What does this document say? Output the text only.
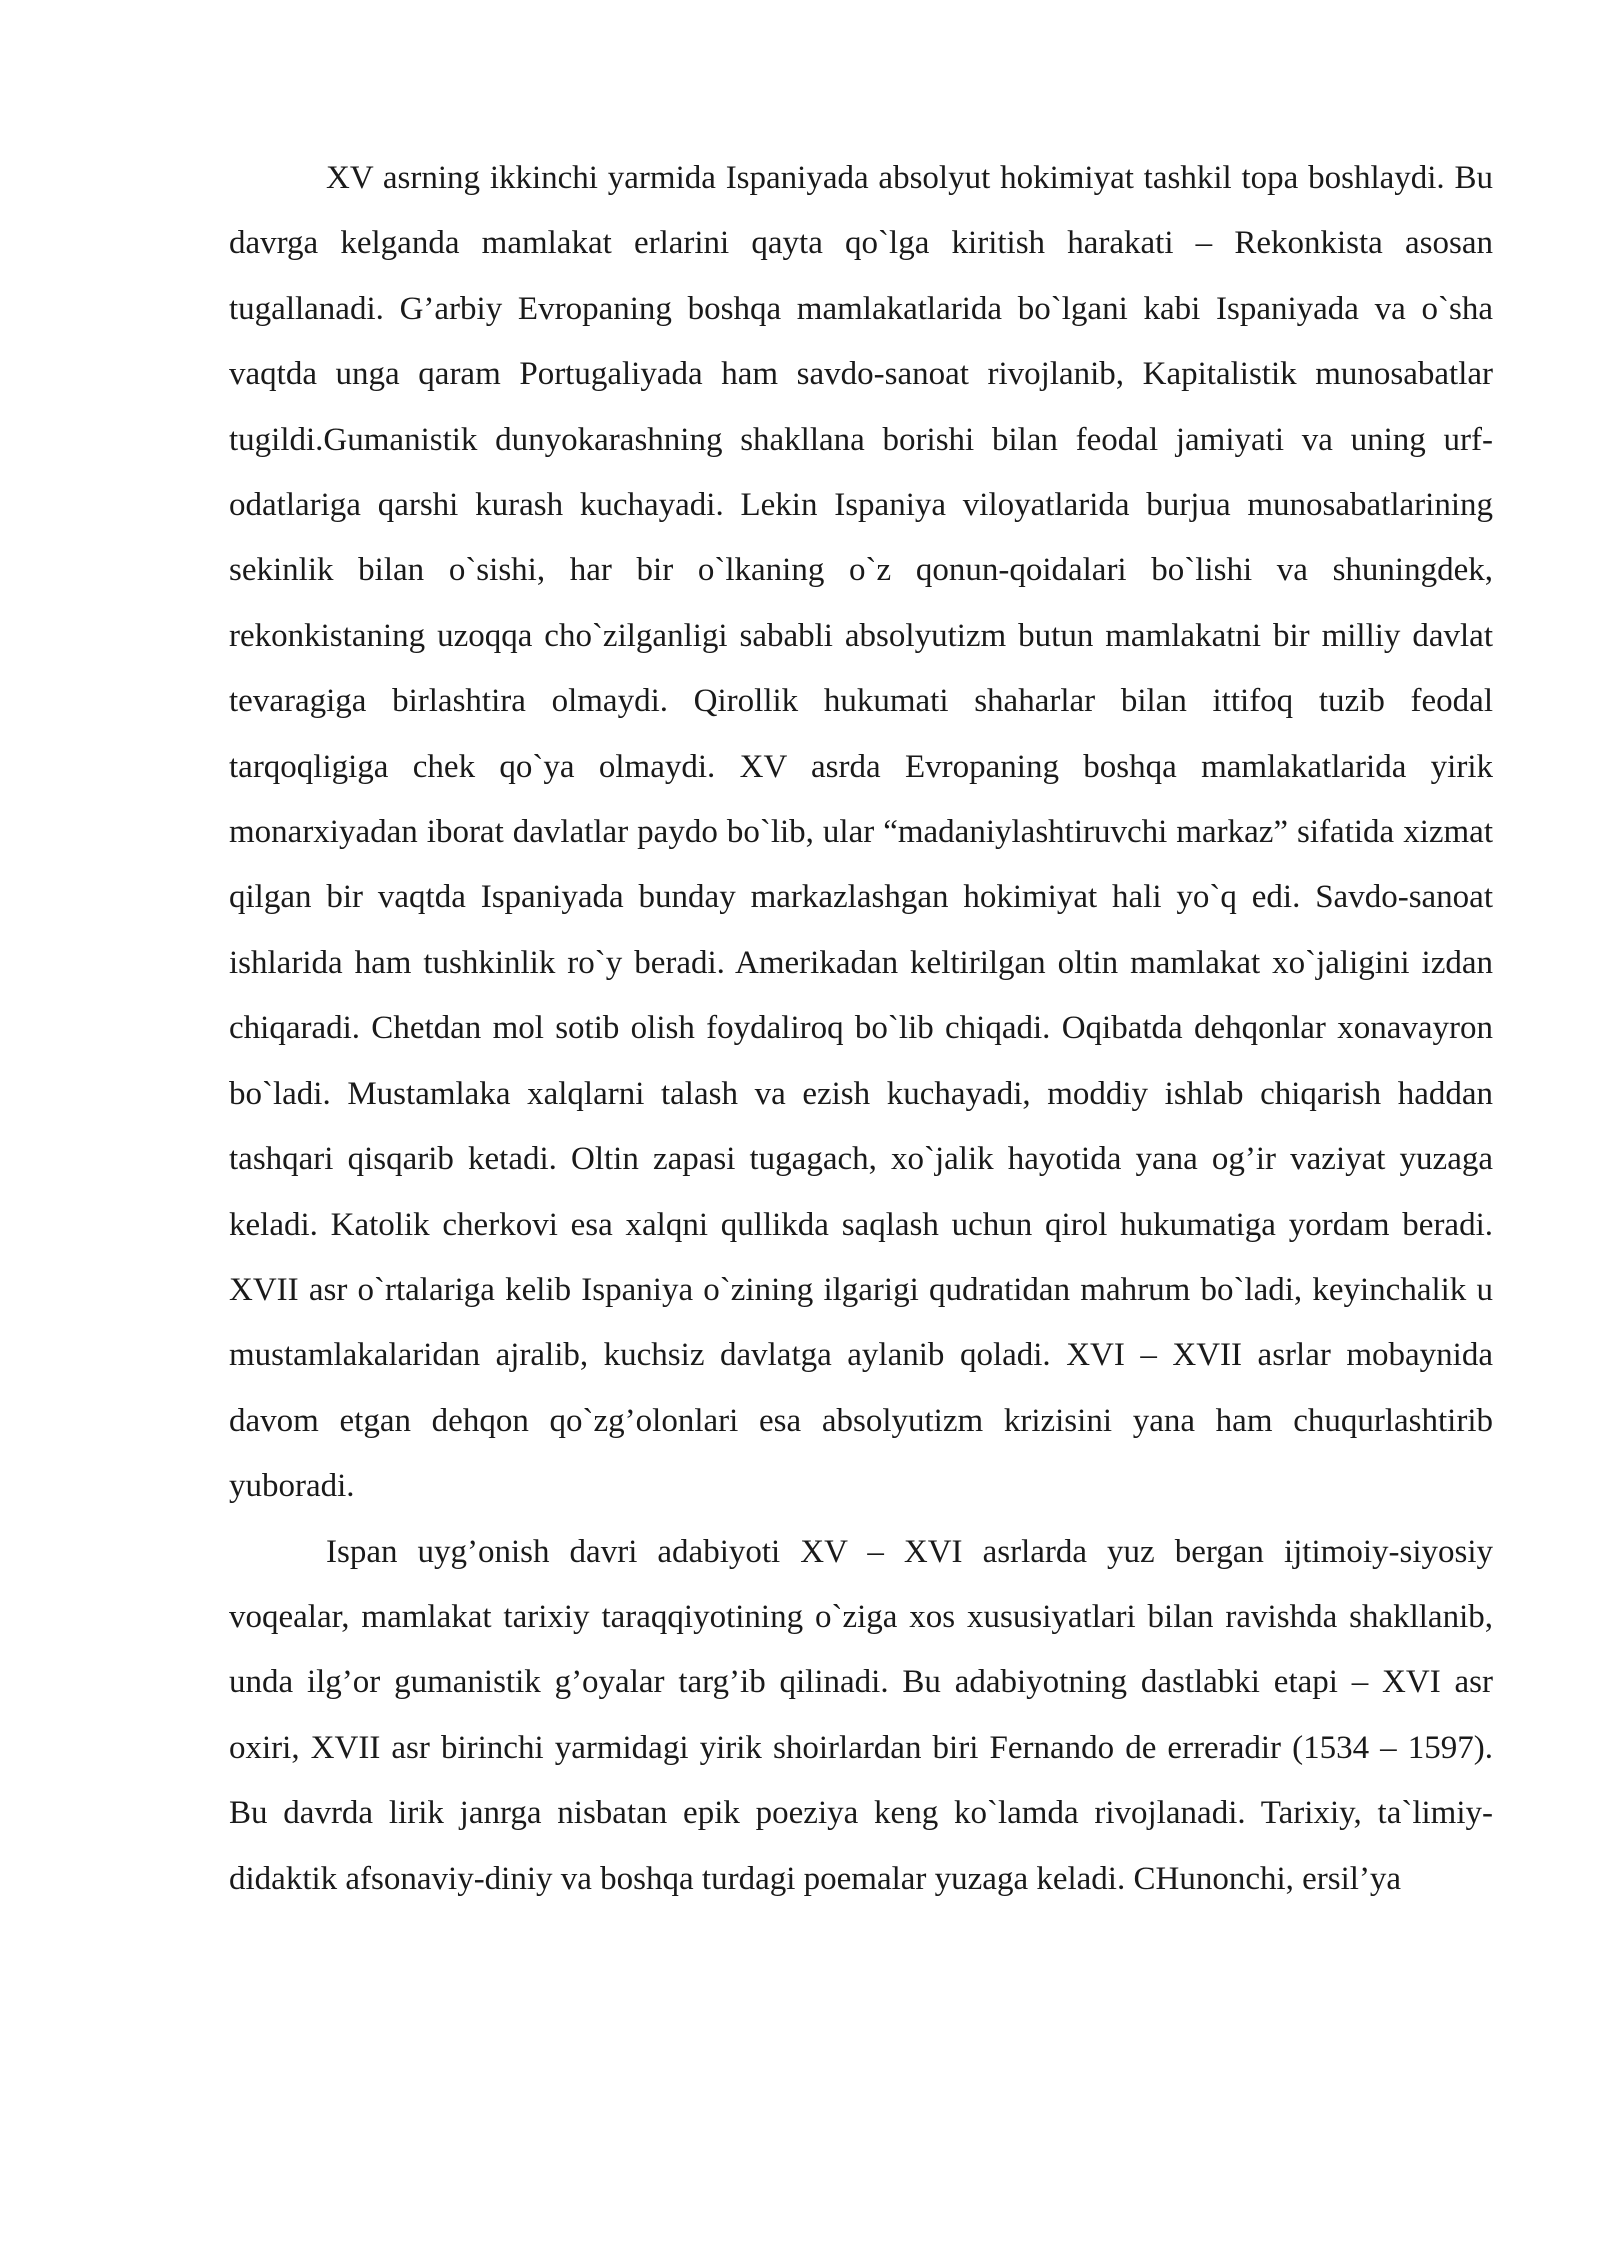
XV asrning ikkinchi yarmida Ispaniyada absolyut hokimiyat tashkil topa boshlaydi. Bu davrga kelganda mamlakat erlarini qayta qo`lga kiritish harakati – Rekonkista asosan tugallanadi. G’arbiy Evropaning boshqa mamlakatlarida bo`lgani kabi Ispaniyada va o`sha vaqtda unga qaram Portugaliyada ham savdo-sanoat rivojlanib, Kapitalistik munosabatlar tugildi.Gumanistik dunyokarashning shakllana borishi bilan feodal jamiyati va uning urf-odatlariga qarshi kurash kuchayadi. Lekin Ispaniya viloyatlarida burjua munosabatlarining sekinlik bilan o`sishi, har bir o`lkaning o`z qonun-qoidalari bo`lishi va shuningdek, rekonkistaning uzoqqa cho`zilganligi sababli absolyutizm butun mamlakatni bir milliy davlat tevaragiga birlashtira olmaydi. Qirollik hukumati shaharlar bilan ittifoq tuzib feodal tarqoqligiga chek qo`ya olmaydi. XV asrda Evropaning boshqa mamlakatlarida yirik monarxiyadan iborat davlatlar paydo bo`lib, ular “madaniylashtiruvchi markaz” sifatida xizmat qilgan bir vaqtda Ispaniyada bunday markazlashgan hokimiyat hali yo`q edi. Savdo-sanoat ishlarida ham tushkinlik ro`y beradi. Amerikadan keltirilgan oltin mamlakat xo`jaligini izdan chiqaradi. Chetdan mol sotib olish foydaliroq bo`lib chiqadi. Oqibatda dehqonlar xonavayron bo`ladi. Mustamlaka xalqlarni talash va ezish kuchayadi, moddiy ishlab chiqarish haddan tashqari qisqarib ketadi. Oltin zapasi tugagach, xo`jalik hayotida yana og’ir vaziyat yuzaga keladi. Katolik cherkovi esa xalqni qullikda saqlash uchun qirol hukumatiga yordam beradi. XVII asr o`rtalariga kelib Ispaniya o`zining ilgarigi qudratidan mahrum bo`ladi, keyinchalik u mustamlakalaridan ajralib, kuchsiz davlatga aylanib qoladi. XVI – XVII asrlar mobaynida davom etgan dehqon qo`zg’olonlari esa absolyutizm krizisini yana ham chuqurlashtirib yuboradi.

Ispan uyg’onish davri adabiyoti XV – XVI asrlarda yuz bergan ijtimoiy-siyosiy voqealar, mamlakat tarixiy taraqqiyotining o`ziga xos xususiyatlari bilan ravishda shakllanib, unda ilg’or gumanistik g’oyalar targ’ib qilinadi. Bu adabiyotning dastlabki etapi – XVI asr oxiri, XVII asr birinchi yarmidagi yirik shoirlardan biri Fernando de erreradir (1534 – 1597). Bu davrda lirik janrga nisbatan epik poeziya keng ko`lamda rivojlanadi. Tarixiy, ta`limiy-didaktik afsonaviy-diniy va boshqa turdagi poemalar yuzaga keladi. CHunonchi, ersil’ya
